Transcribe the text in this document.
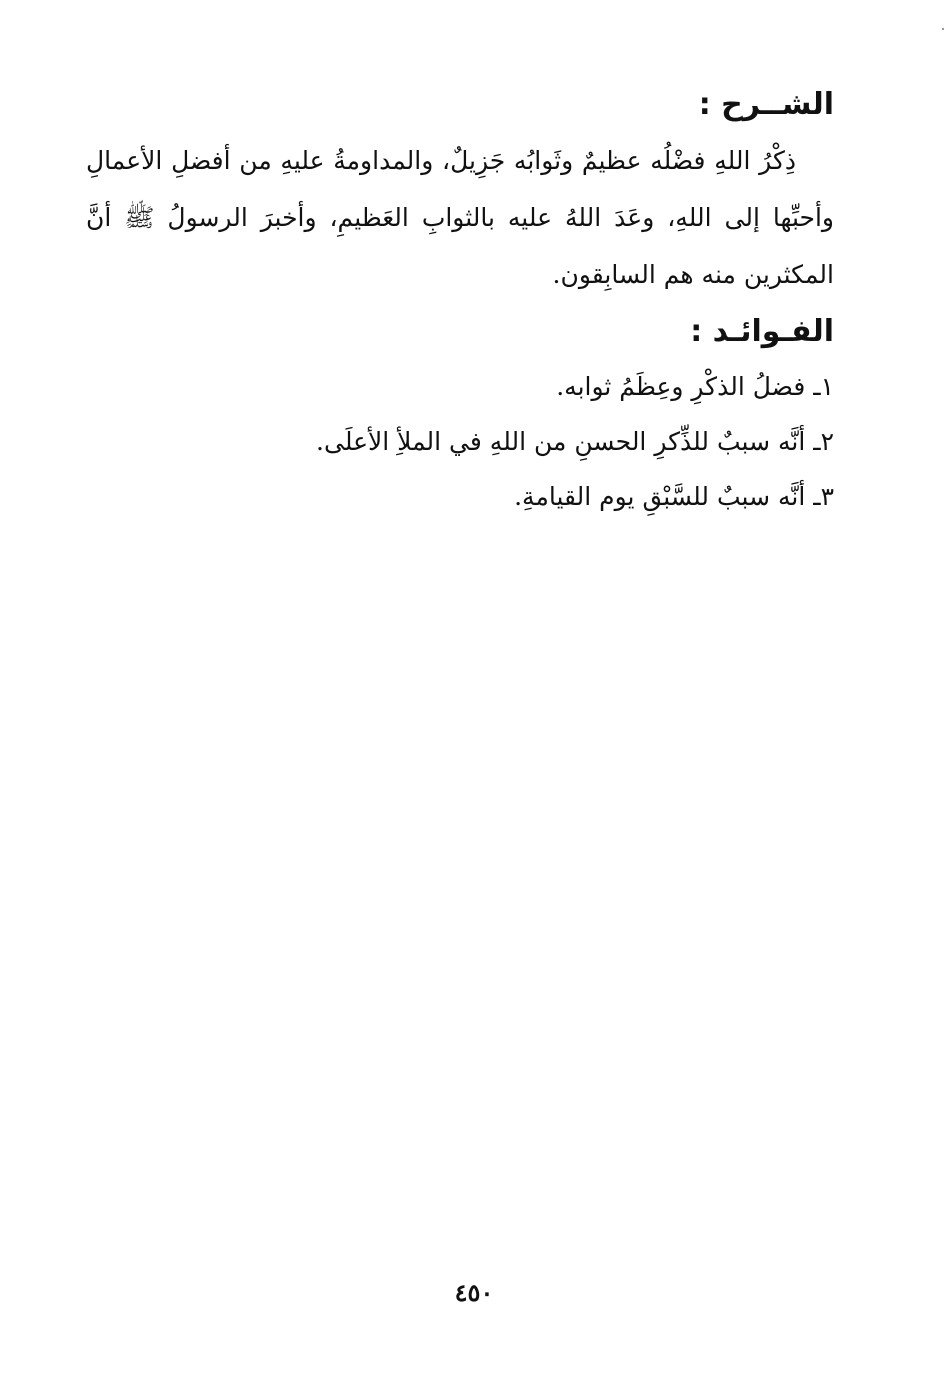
الشــرح :

ذِكْرُ اللهِ فضْلُه عظيمٌ وثَوابُه جَزِيلٌ، والمداومةُ عليهِ من أفضلِ الأعمالِ وأحبِّها إلى اللهِ، وعَدَ اللهُ عليه بالثوابِ العَظيمِ، وأخبرَ الرسولُ ﷺ أنَّ المكثرين منه هم السابِقون.

الفـوائـد :
١ـ فضلُ الذكْرِ وعِظَمُ ثوابه.
٢ـ أنَّه سببٌ للذِّكرِ الحسنِ من اللهِ في الملأِ الأعلَى.
٣ـ أنَّه سببٌ للسَّبْقِ يوم القيامةِ.
٤٥٠
